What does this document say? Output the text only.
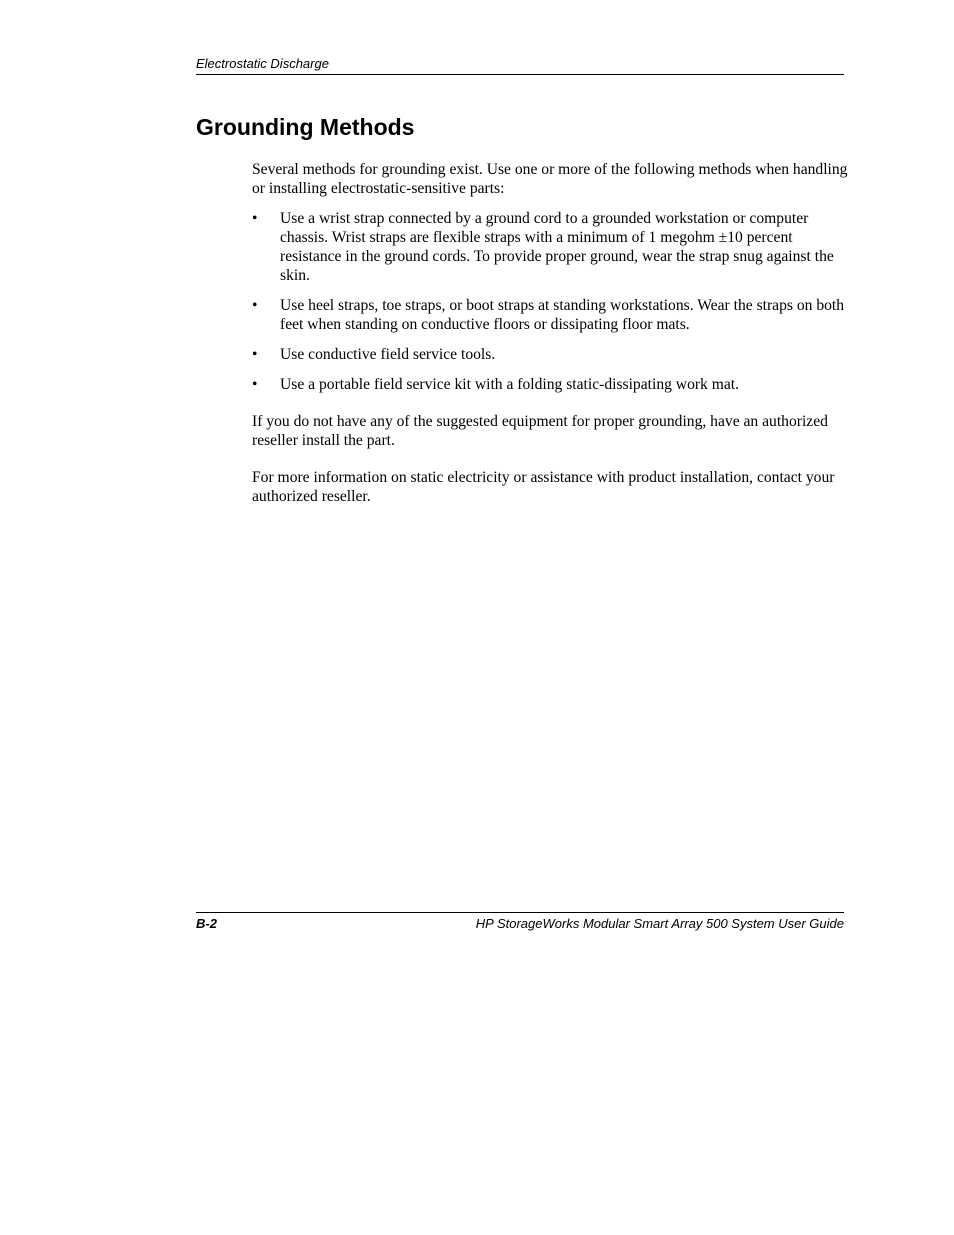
Electrostatic Discharge
Grounding Methods

Several methods for grounding exist. Use one or more of the following methods when handling or installing electrostatic-sensitive parts:

• Use a wrist strap connected by a ground cord to a grounded workstation or computer chassis. Wrist straps are flexible straps with a minimum of 1 megohm ±10 percent resistance in the ground cords. To provide proper ground, wear the strap snug against the skin.
• Use heel straps, toe straps, or boot straps at standing workstations. Wear the straps on both feet when standing on conductive floors or dissipating floor mats.
• Use conductive field service tools.
• Use a portable field service kit with a folding static-dissipating work mat.

If you do not have any of the suggested equipment for proper grounding, have an authorized reseller install the part.

For more information on static electricity or assistance with product installation, contact your authorized reseller.

B-2	HP StorageWorks Modular Smart Array 500 System User Guide
